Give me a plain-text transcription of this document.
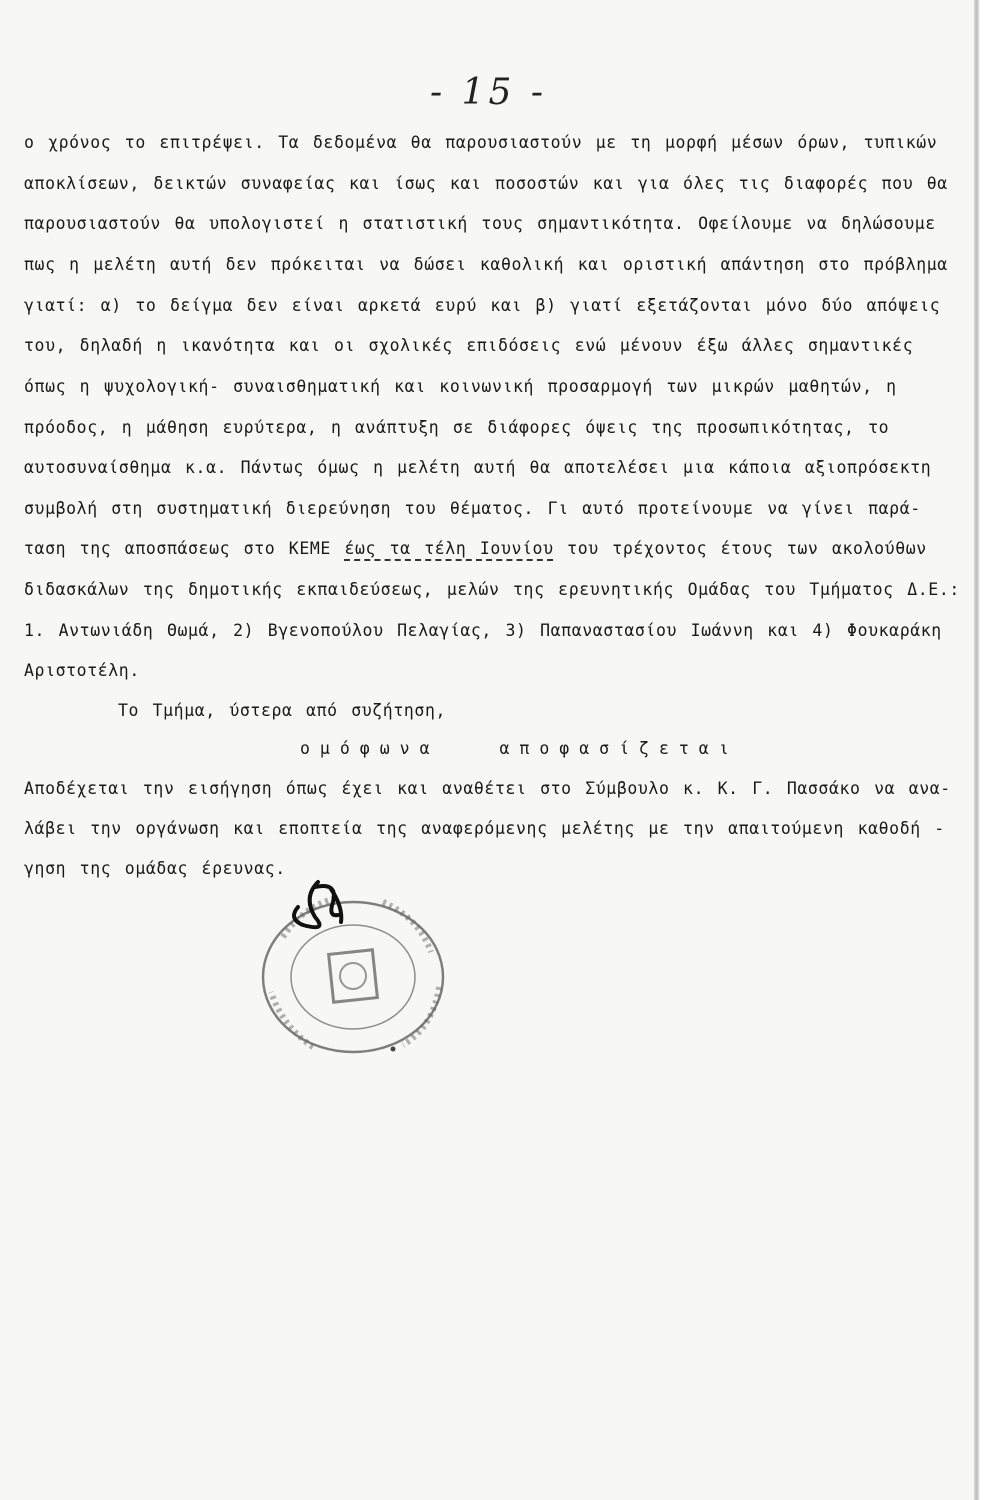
- 15 -
ο χρόνος το επιτρέψει. Τα δεδομένα θα παρουσιαστούν με τη μορφή μέσων όρων, τυπικών
αποκλίσεων, δεικτών συναφείας και ίσως και ποσοστών και για όλες τις διαφορές που θα
παρουσιαστούν θα υπολογιστεί η στατιστική τους σημαντικότητα. Οφείλουμε να δηλώσουμε
πως η μελέτη αυτή δεν πρόκειται να δώσει καθολική και οριστική απάντηση στο πρόβλημα
γιατί: α) το δείγμα δεν είναι αρκετά ευρύ και β) γιατί εξετάζονται μόνο δύο απόψεις
του, δηλαδή η ικανότητα και οι σχολικές επιδόσεις ενώ μένουν έξω άλλες σημαντικές
όπως η ψυχολογική- συναισθηματική και κοινωνική προσαρμογή των μικρών μαθητών, η
πρόοδος, η μάθηση ευρύτερα, η ανάπτυξη σε διάφορες όψεις της προσωπικότητας, το
αυτοσυναίσθημα κ.α. Πάντως όμως η μελέτη αυτή θα αποτελέσει μια κάποια αξιοπρόσεκτη
συμβολή στη συστηματική διερεύνηση του θέματος. Γι αυτό προτείνουμε να γίνει παρά-
ταση της αποσπάσεως στο ΚΕΜΕ έως τα τέλη Ιουνίου του τρέχοντος έτους των ακολούθων
διδασκάλων της δημοτικής εκπαιδεύσεως, μελών της ερευνητικής Ομάδας του Τμήματος Δ.Ε.:
1. Αντωνιάδη Θωμά, 2) Βγενοπούλου Πελαγίας, 3) Παπαναστασίου Ιωάννη και 4) Φουκαράκη
Αριστοτέλη.
Το Τμήμα, ύστερα από συζήτηση,
ομόφωνα αποφασίζεται
Αποδέχεται την εισήγηση όπως έχει και αναθέτει στο Σύμβουλο κ. Κ. Γ. Πασσάκο να ανα-
λάβει την οργάνωση και εποπτεία της αναφερόμενης μελέτης με την απαιτούμενη καθοδή -
γηση της ομάδας έρευνας.
